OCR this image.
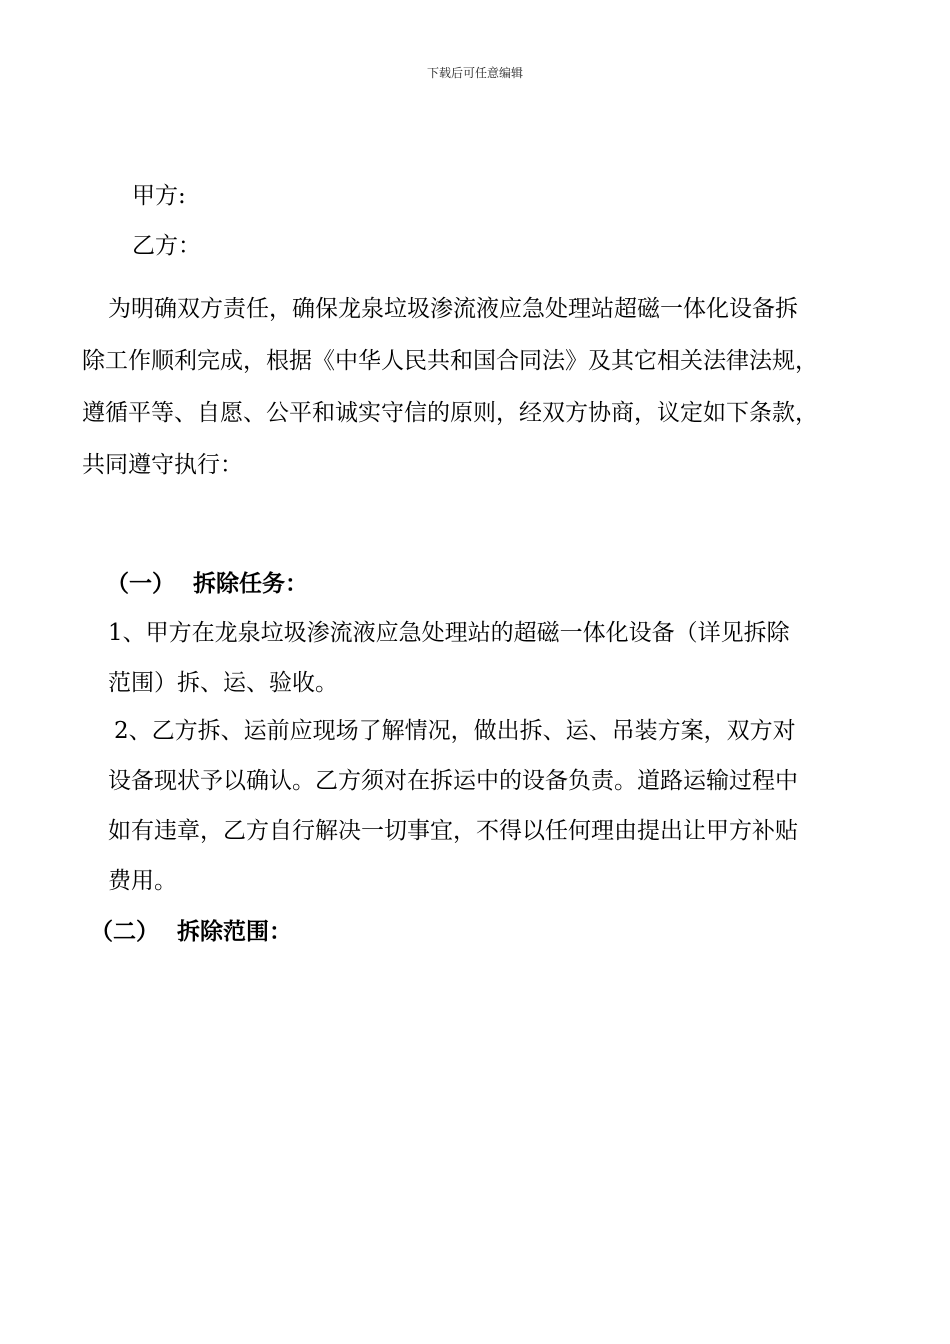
下载后可任意编辑
甲方:
乙方：
为明确双方责任，确保龙泉垃圾渗流液应急处理站超磁一体化设备拆
除工作顺利完成，根据《中华人民共和国合同法》及其它相关法律法规，
遵循平等、自愿、公平和诚实守信的原则，经双方协商，议定如下条款，
共同遵守执行：
（一） 拆除任务：
1、甲方在龙泉垃圾渗流液应急处理站的超磁一体化设备（详见拆除
范围）拆、运、验收。
2、乙方拆、运前应现场了解情况，做出拆、运、吊装方案，双方对
设备现状予以确认。乙方须对在拆运中的设备负责。道路运输过程中
如有违章，乙方自行解决一切事宜，不得以任何理由提出让甲方补贴
费用。
（二） 拆除范围：
